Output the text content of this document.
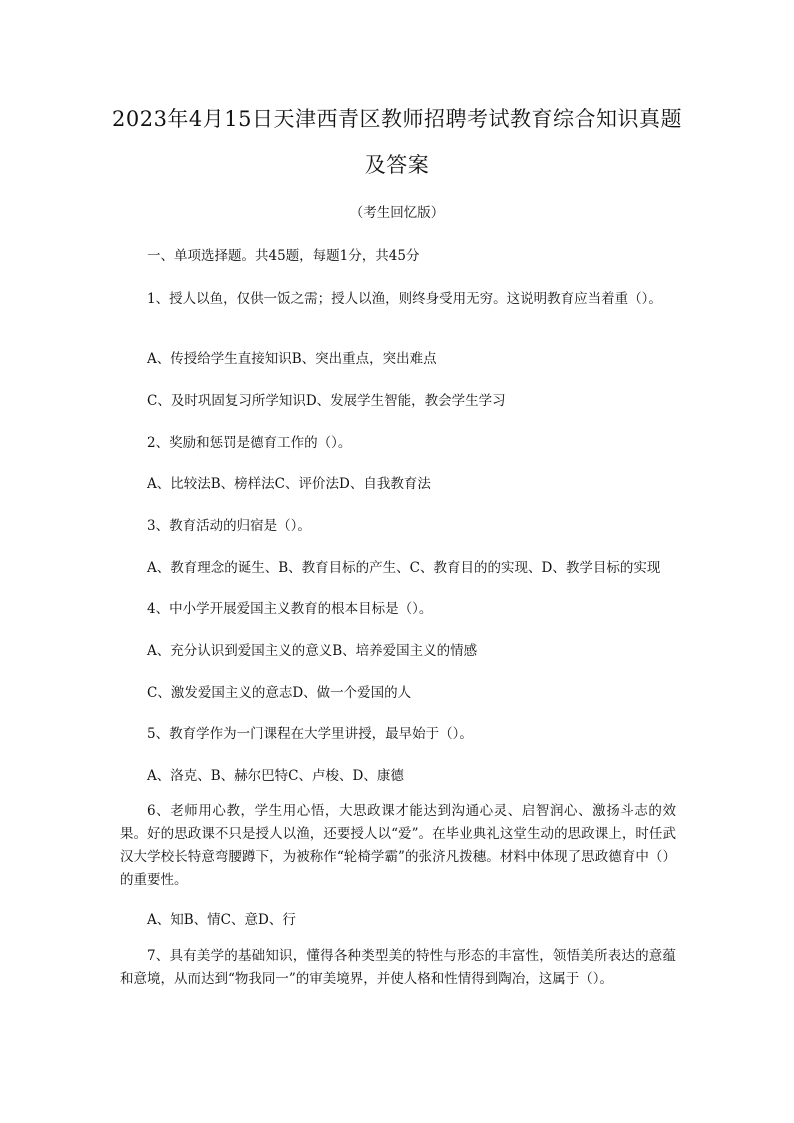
2023年4月15日天津西青区教师招聘考试教育综合知识真题及答案
（考生回忆版）
一、单项选择题。共45题，每题1分，共45分
1、授人以鱼，仅供一饭之需；授人以渔，则终身受用无穷。这说明教育应当着重（）。
A、传授给学生直接知识B、突出重点，突出难点
C、及时巩固复习所学知识D、发展学生智能，教会学生学习
2、奖励和惩罚是德育工作的（）。
A、比较法B、榜样法C、评价法D、自我教育法
3、教育活动的归宿是（）。
A、教育理念的诞生、B、教育目标的产生、C、教育目的的实现、D、教学目标的实现
4、中小学开展爱国主义教育的根本目标是（）。
A、充分认识到爱国主义的意义B、培养爱国主义的情感
C、激发爱国主义的意志D、做一个爱国的人
5、教育学作为一门课程在大学里讲授，最早始于（）。
A、洛克、B、赫尔巴特C、卢梭、D、康德
6、老师用心教，学生用心悟，大思政课才能达到沟通心灵、启智润心、激扬斗志的效果。好的思政课不只是授人以渔，还要授人以“爱”。在毕业典礼这堂生动的思政课上，时任武汉大学校长特意弯腰蹲下，为被称作“轮椅学霸”的张济凡拨穗。材料中体现了思政德育中（）的重要性。
A、知B、情C、意D、行
7、具有美学的基础知识，懂得各种类型美的特性与形态的丰富性，领悟美所表达的意蕴和意境，从而达到“物我同一”的审美境界，并使人格和性情得到陶冶，这属于（）。
